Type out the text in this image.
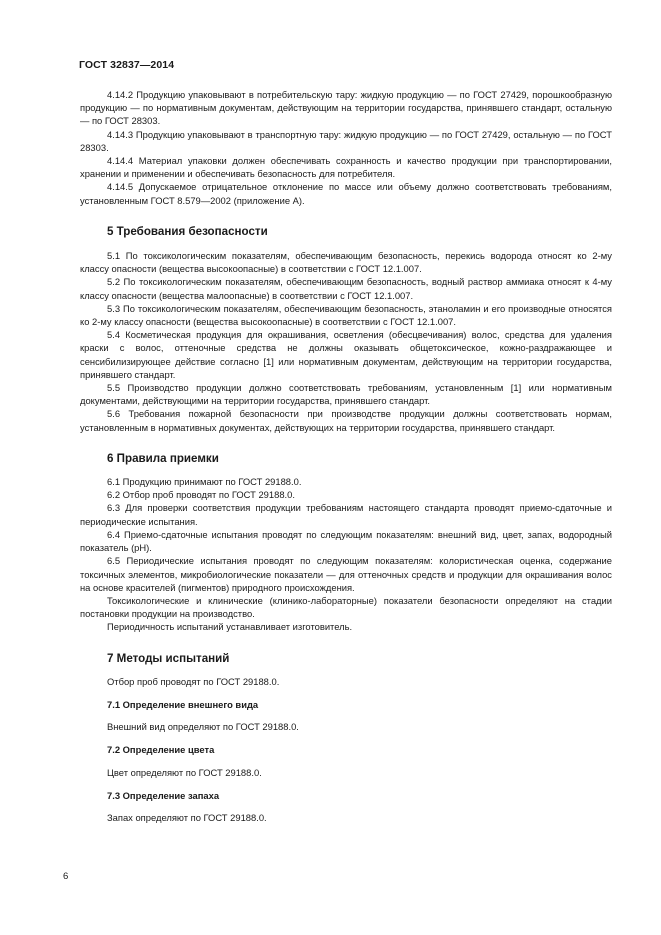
ГОСТ 32837—2014

4.14.2 Продукцию упаковывают в потребительскую тару: жидкую продукцию — по ГОСТ 27429, порошкообразную продукцию — по нормативным документам, действующим на территории государства, принявшего стандарт, остальную — по ГОСТ 28303.

4.14.3 Продукцию упаковывают в транспортную тару: жидкую продукцию — по ГОСТ 27429, остальную — по ГОСТ 28303.

4.14.4 Материал упаковки должен обеспечивать сохранность и качество продукции при транспортировании, хранении и применении и обеспечивать безопасность для потребителя.

4.14.5 Допускаемое отрицательное отклонение по массе или объему должно соответствовать требованиям, установленным ГОСТ 8.579—2002 (приложение А).

5 Требования безопасности

5.1 По токсикологическим показателям, обеспечивающим безопасность, перекись водорода относят ко 2-му классу опасности (вещества высокоопасные) в соответствии с ГОСТ 12.1.007.

5.2 По токсикологическим показателям, обеспечивающим безопасность, водный раствор аммиака относят к 4-му классу опасности (вещества малоопасные) в соответствии с ГОСТ 12.1.007.

5.3 По токсикологическим показателям, обеспечивающим безопасность, этаноламин и его производные относятся ко 2-му классу опасности (вещества высокоопасные) в соответствии с ГОСТ 12.1.007.

5.4 Косметическая продукция для окрашивания, осветления (обесцвечивания) волос, средства для удаления краски с волос, оттеночные средства не должны оказывать общетоксическое, кожно-раздражающее и сенсибилизирующее действие согласно [1] или нормативным документам, действующим на территории государства, принявшего стандарт.

5.5 Производство продукции должно соответствовать требованиям, установленным [1] или нормативным документами, действующими на территории государства, принявшего стандарт.

5.6 Требования пожарной безопасности при производстве продукции должны соответствовать нормам, установленным в нормативных документах, действующих на территории государства, принявшего стандарт.

6 Правила приемки

6.1 Продукцию принимают по ГОСТ 29188.0.

6.2 Отбор проб проводят по ГОСТ 29188.0.

6.3 Для проверки соответствия продукции требованиям настоящего стандарта проводят приемо-сдаточные и периодические испытания.

6.4 Приемо-сдаточные испытания проводят по следующим показателям: внешний вид, цвет, запах, водородный показатель (pH).

6.5 Периодические испытания проводят по следующим показателям: колористическая оценка, содержание токсичных элементов, микробиологические показатели — для оттеночных средств и продукции для окрашивания волос на основе красителей (пигментов) природного происхождения.

Токсикологические и клинические (клинико-лабораторные) показатели безопасности определяют на стадии постановки продукции на производство.

Периодичность испытаний устанавливает изготовитель.

7 Методы испытаний

Отбор проб проводят по ГОСТ 29188.0.

7.1 Определение внешнего вида

Внешний вид определяют по ГОСТ 29188.0.

7.2 Определение цвета

Цвет определяют по ГОСТ 29188.0.

7.3 Определение запаха

Запах определяют по ГОСТ 29188.0.

6
